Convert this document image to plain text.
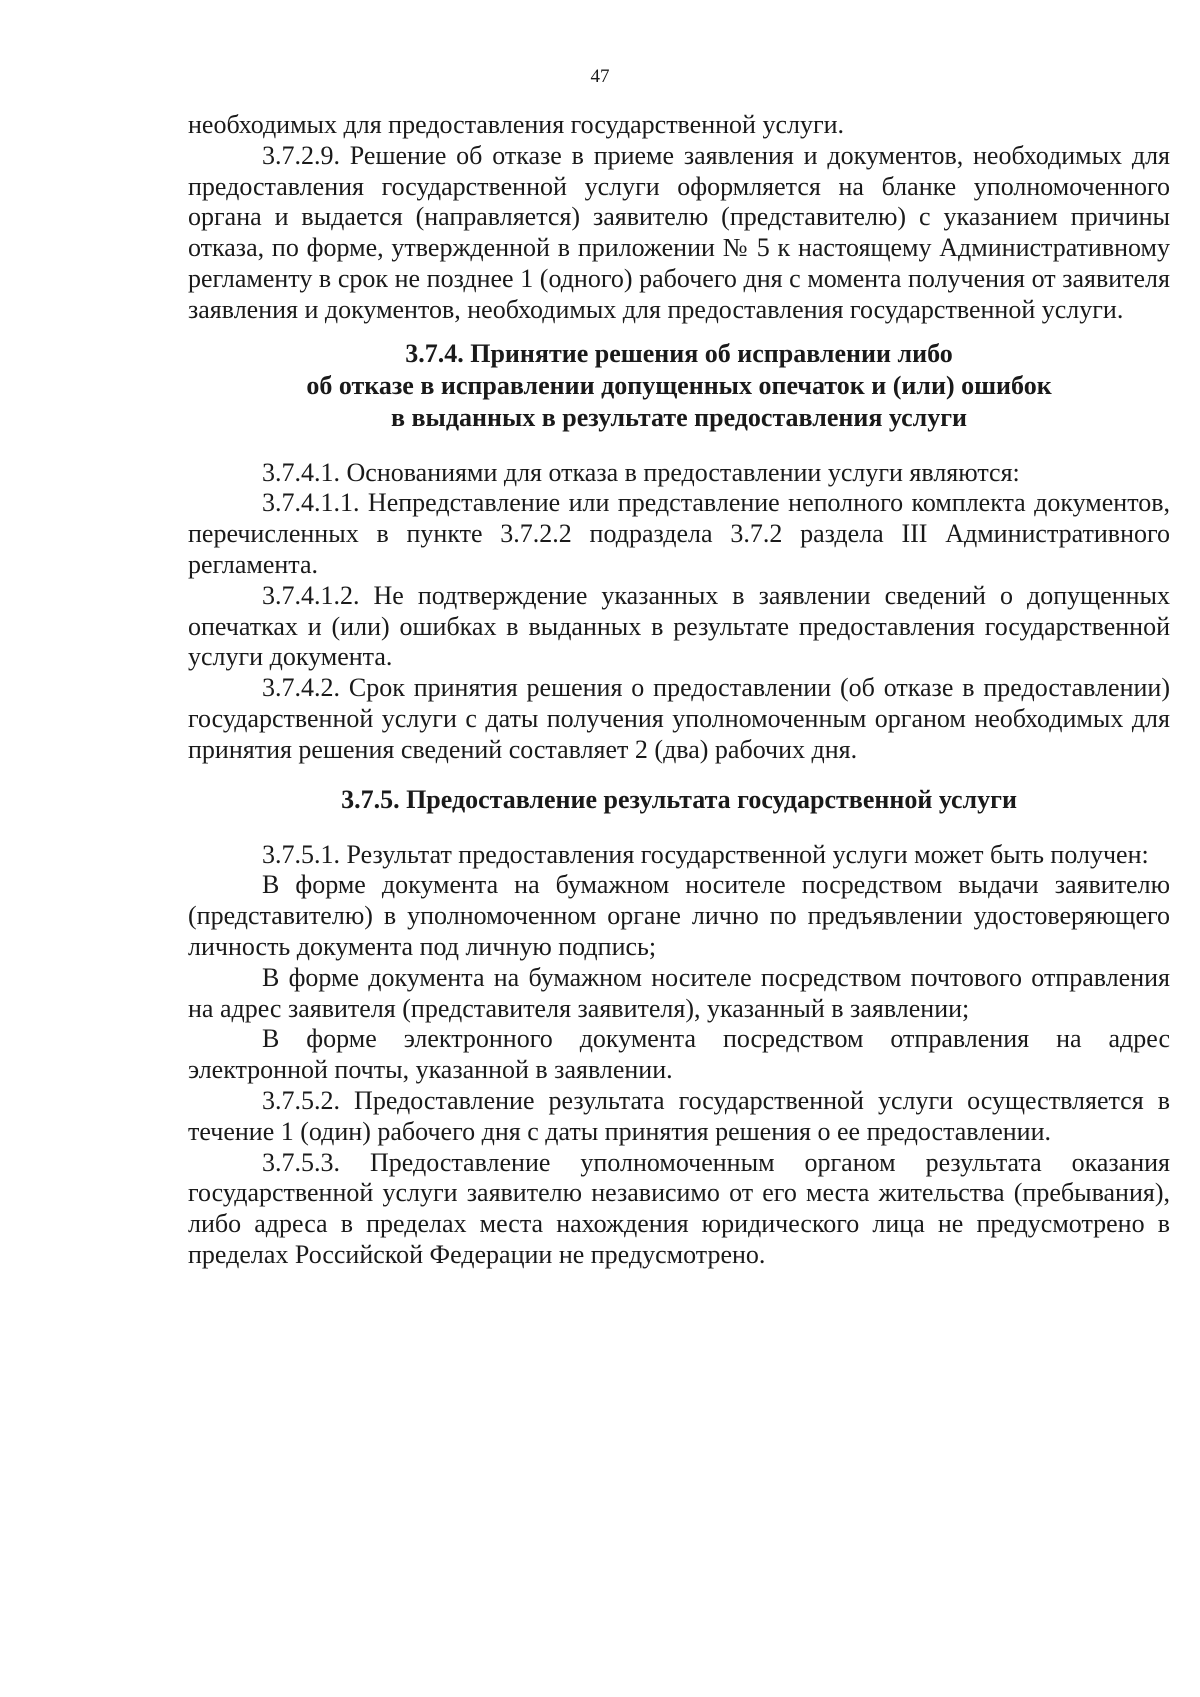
47

необходимых для предоставления государственной услуги.

3.7.2.9. Решение об отказе в приеме заявления и документов, необходимых для предоставления государственной услуги оформляется на бланке уполномоченного органа и выдается (направляется) заявителю (представителю) с указанием причины отказа, по форме, утвержденной в приложении № 5 к настоящему Административному регламенту в срок не позднее 1 (одного) рабочего дня с момента получения от заявителя заявления и документов, необходимых для предоставления государственной услуги.

3.7.4. Принятие решения об исправлении либо

об отказе в исправлении допущенных опечаток и (или) ошибок

в выданных в результате предоставления услуги

3.7.4.1. Основаниями для отказа в предоставлении услуги являются:

3.7.4.1.1. Непредставление или представление неполного комплекта документов, перечисленных в пункте 3.7.2.2 подраздела 3.7.2 раздела III Административного регламента.

3.7.4.1.2. Не подтверждение указанных в заявлении сведений о допущенных опечатках и (или) ошибках в выданных в результате предоставления государственной услуги документа.

3.7.4.2. Срок принятия решения о предоставлении (об отказе в предоставлении) государственной услуги с даты получения уполномоченным органом необходимых для принятия решения сведений составляет 2 (два) рабочих дня.

3.7.5. Предоставление результата государственной услуги

3.7.5.1. Результат предоставления государственной услуги может быть получен:

В форме документа на бумажном носителе посредством выдачи заявителю (представителю) в уполномоченном органе лично по предъявлении удостоверяющего личность документа под личную подпись;

В форме документа на бумажном носителе посредством почтового отправления на адрес заявителя (представителя заявителя), указанный в заявлении;

В форме электронного документа посредством отправления на адрес электронной почты, указанной в заявлении.

3.7.5.2. Предоставление результата государственной услуги осуществляется в течение 1 (один) рабочего дня с даты принятия решения о ее предоставлении.

3.7.5.3. Предоставление уполномоченным органом результата оказания государственной услуги заявителю независимо от его места жительства (пребывания), либо адреса в пределах места нахождения юридического лица не предусмотрено в пределах Российской Федерации не предусмотрено.
